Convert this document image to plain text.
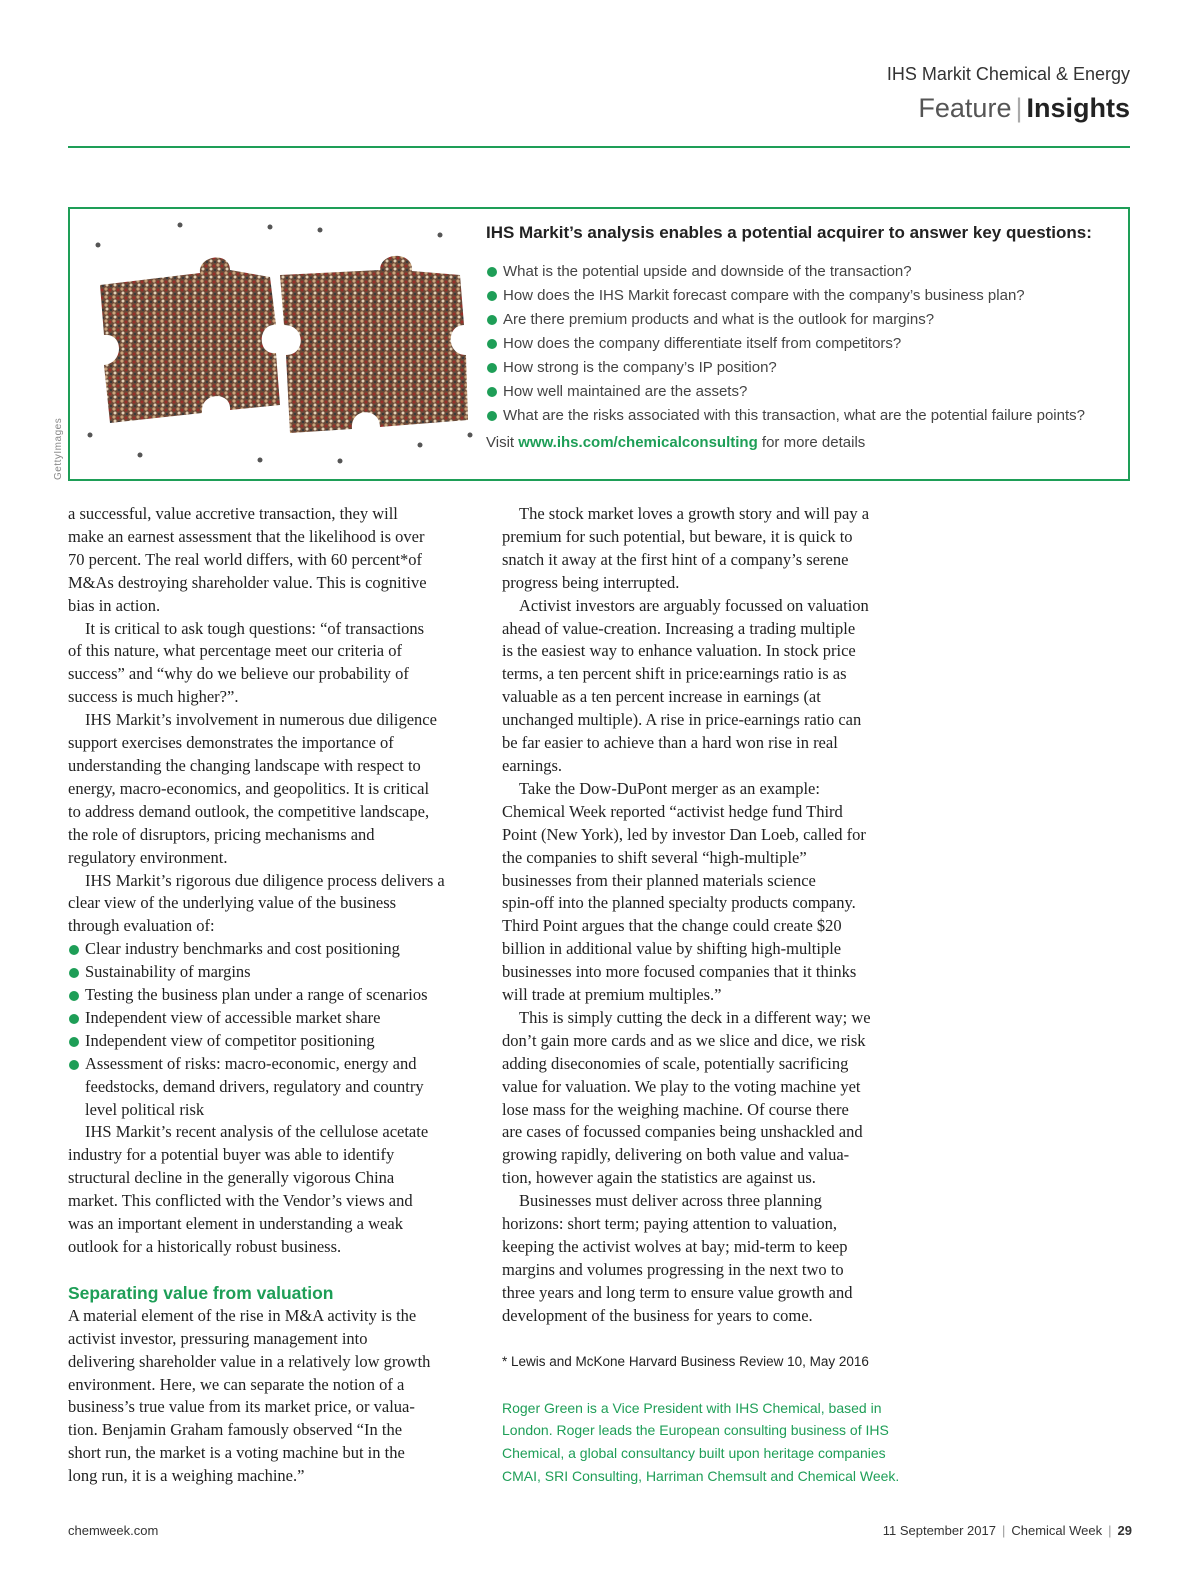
IHS Markit Chemical & Energy
Feature | Insights
GettyImages
IHS Markit’s analysis enables a potential acquirer to answer key questions:
What is the potential upside and downside of the transaction?
How does the IHS Markit forecast compare with the company’s business plan?
Are there premium products and what is the outlook for margins?
How does the company differentiate itself from competitors?
How strong is the company’s IP position?
How well maintained are the assets?
What are the risks associated with this transaction, what are the potential failure points?
Visit www.ihs.com/chemicalconsulting for more details

a successful, value accretive transaction, they will

make an earnest assessment that the likelihood is over

70 percent. The real world differs, with 60 percent*of

M&As destroying shareholder value. This is cognitive

bias in action.

It is critical to ask tough questions: “of transactions

of this nature, what percentage meet our criteria of

success” and “why do we believe our probability of

success is much higher?”.

IHS Markit’s involvement in numerous due diligence

support exercises demonstrates the importance of

understanding the changing landscape with respect to

energy, macro-economics, and geopolitics. It is critical

to address demand outlook, the competitive landscape,

the role of disruptors, pricing mechanisms and

regulatory environment.

IHS Markit’s rigorous due diligence process delivers a

clear view of the underlying value of the business

through evaluation of:

Clear industry benchmarks and cost positioning
Sustainability of margins
Testing the business plan under a range of scenarios
Independent view of accessible market share
Independent view of competitor positioning
Assessment of risks: macro-economic, energy and
feedstocks, demand drivers, regulatory and country
level political risk

IHS Markit’s recent analysis of the cellulose acetate

industry for a potential buyer was able to identify

structural decline in the generally vigorous China

market. This conflicted with the Vendor’s views and

was an important element in understanding a weak

outlook for a historically robust business.

Separating value from valuation

A material element of the rise in M&A activity is the

activist investor, pressuring management into

delivering shareholder value in a relatively low growth

environment. Here, we can separate the notion of a

business’s true value from its market price, or valua-

tion. Benjamin Graham famously observed “In the

short run, the market is a voting machine but in the

long run, it is a weighing machine.”

The stock market loves a growth story and will pay a

premium for such potential, but beware, it is quick to

snatch it away at the first hint of a company’s serene

progress being interrupted.

Activist investors are arguably focussed on valuation

ahead of value-creation. Increasing a trading multiple

is the easiest way to enhance valuation. In stock price

terms, a ten percent shift in price:earnings ratio is as

valuable as a ten percent increase in earnings (at

unchanged multiple). A rise in price-earnings ratio can

be far easier to achieve than a hard won rise in real

earnings.

Take the Dow-DuPont merger as an example:

Chemical Week reported “activist hedge fund Third

Point (New York), led by investor Dan Loeb, called for

the companies to shift several “high-multiple”

businesses from their planned materials science

spin-off into the planned specialty products company.

Third Point argues that the change could create $20

billion in additional value by shifting high-multiple

businesses into more focused companies that it thinks

will trade at premium multiples.”

This is simply cutting the deck in a different way; we

don’t gain more cards and as we slice and dice, we risk

adding diseconomies of scale, potentially sacrificing

value for valuation. We play to the voting machine yet

lose mass for the weighing machine. Of course there

are cases of focussed companies being unshackled and

growing rapidly, delivering on both value and valua-

tion, however again the statistics are against us.

Businesses must deliver across three planning

horizons: short term; paying attention to valuation,

keeping the activist wolves at bay; mid-term to keep

margins and volumes progressing in the next two to

three years and long term to ensure value growth and

development of the business for years to come.

* Lewis and McKone Harvard Business Review 10, May 2016

Roger Green is a Vice President with IHS Chemical, based in

London. Roger leads the European consulting business of IHS

Chemical, a global consultancy built upon heritage companies

CMAI, SRI Consulting, Harriman Chemsult and Chemical Week.

chemweek.com	11 September 2017 | Chemical Week | 29
